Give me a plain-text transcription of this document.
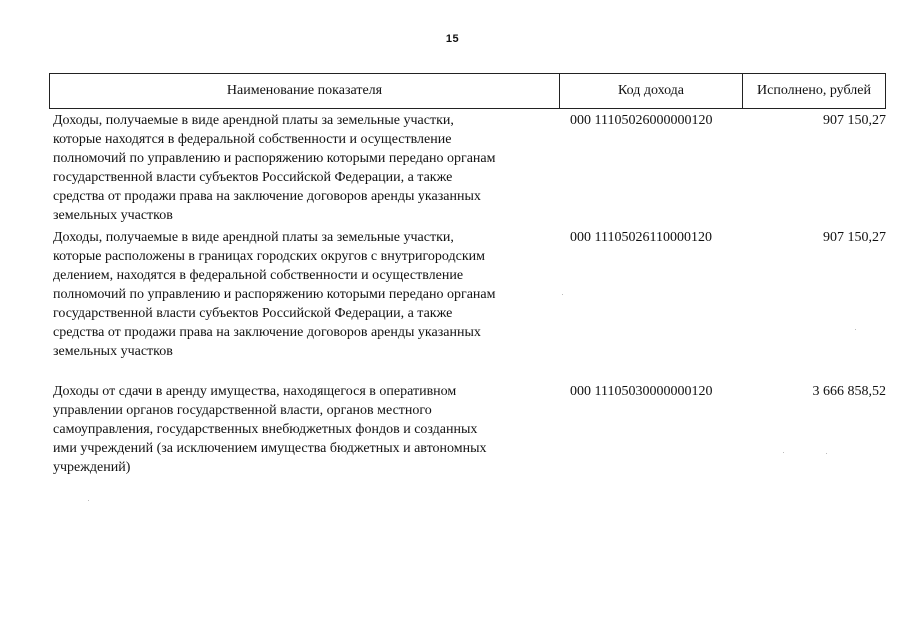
15
Наименование показателя	Код дохода	Исполнено, рублей
Доходы, получаемые в виде арендной платы за земельные участки,
которые находятся в федеральной собственности и осуществление
полномочий по управлению и распоряжению которыми передано органам
государственной власти субъектов Российской Федерации, а также
средства от продажи права на заключение договоров аренды указанных
земельных участков
000 11105026000000120	907 150,27
Доходы, получаемые в виде арендной платы за земельные участки,
которые расположены в границах городских округов с внутригородским
делением, находятся в федеральной собственности и осуществление
полномочий по управлению и распоряжению которыми передано органам
государственной власти субъектов Российской Федерации, а также
средства от продажи права на заключение договоров аренды указанных
земельных участков
000 11105026110000120	907 150,27
Доходы от сдачи в аренду имущества, находящегося в оперативном
управлении органов государственной власти, органов местного
самоуправления, государственных внебюджетных фондов и созданных
ими учреждений (за исключением имущества бюджетных и автономных
учреждений)
000 11105030000000120	3 666 858,52
